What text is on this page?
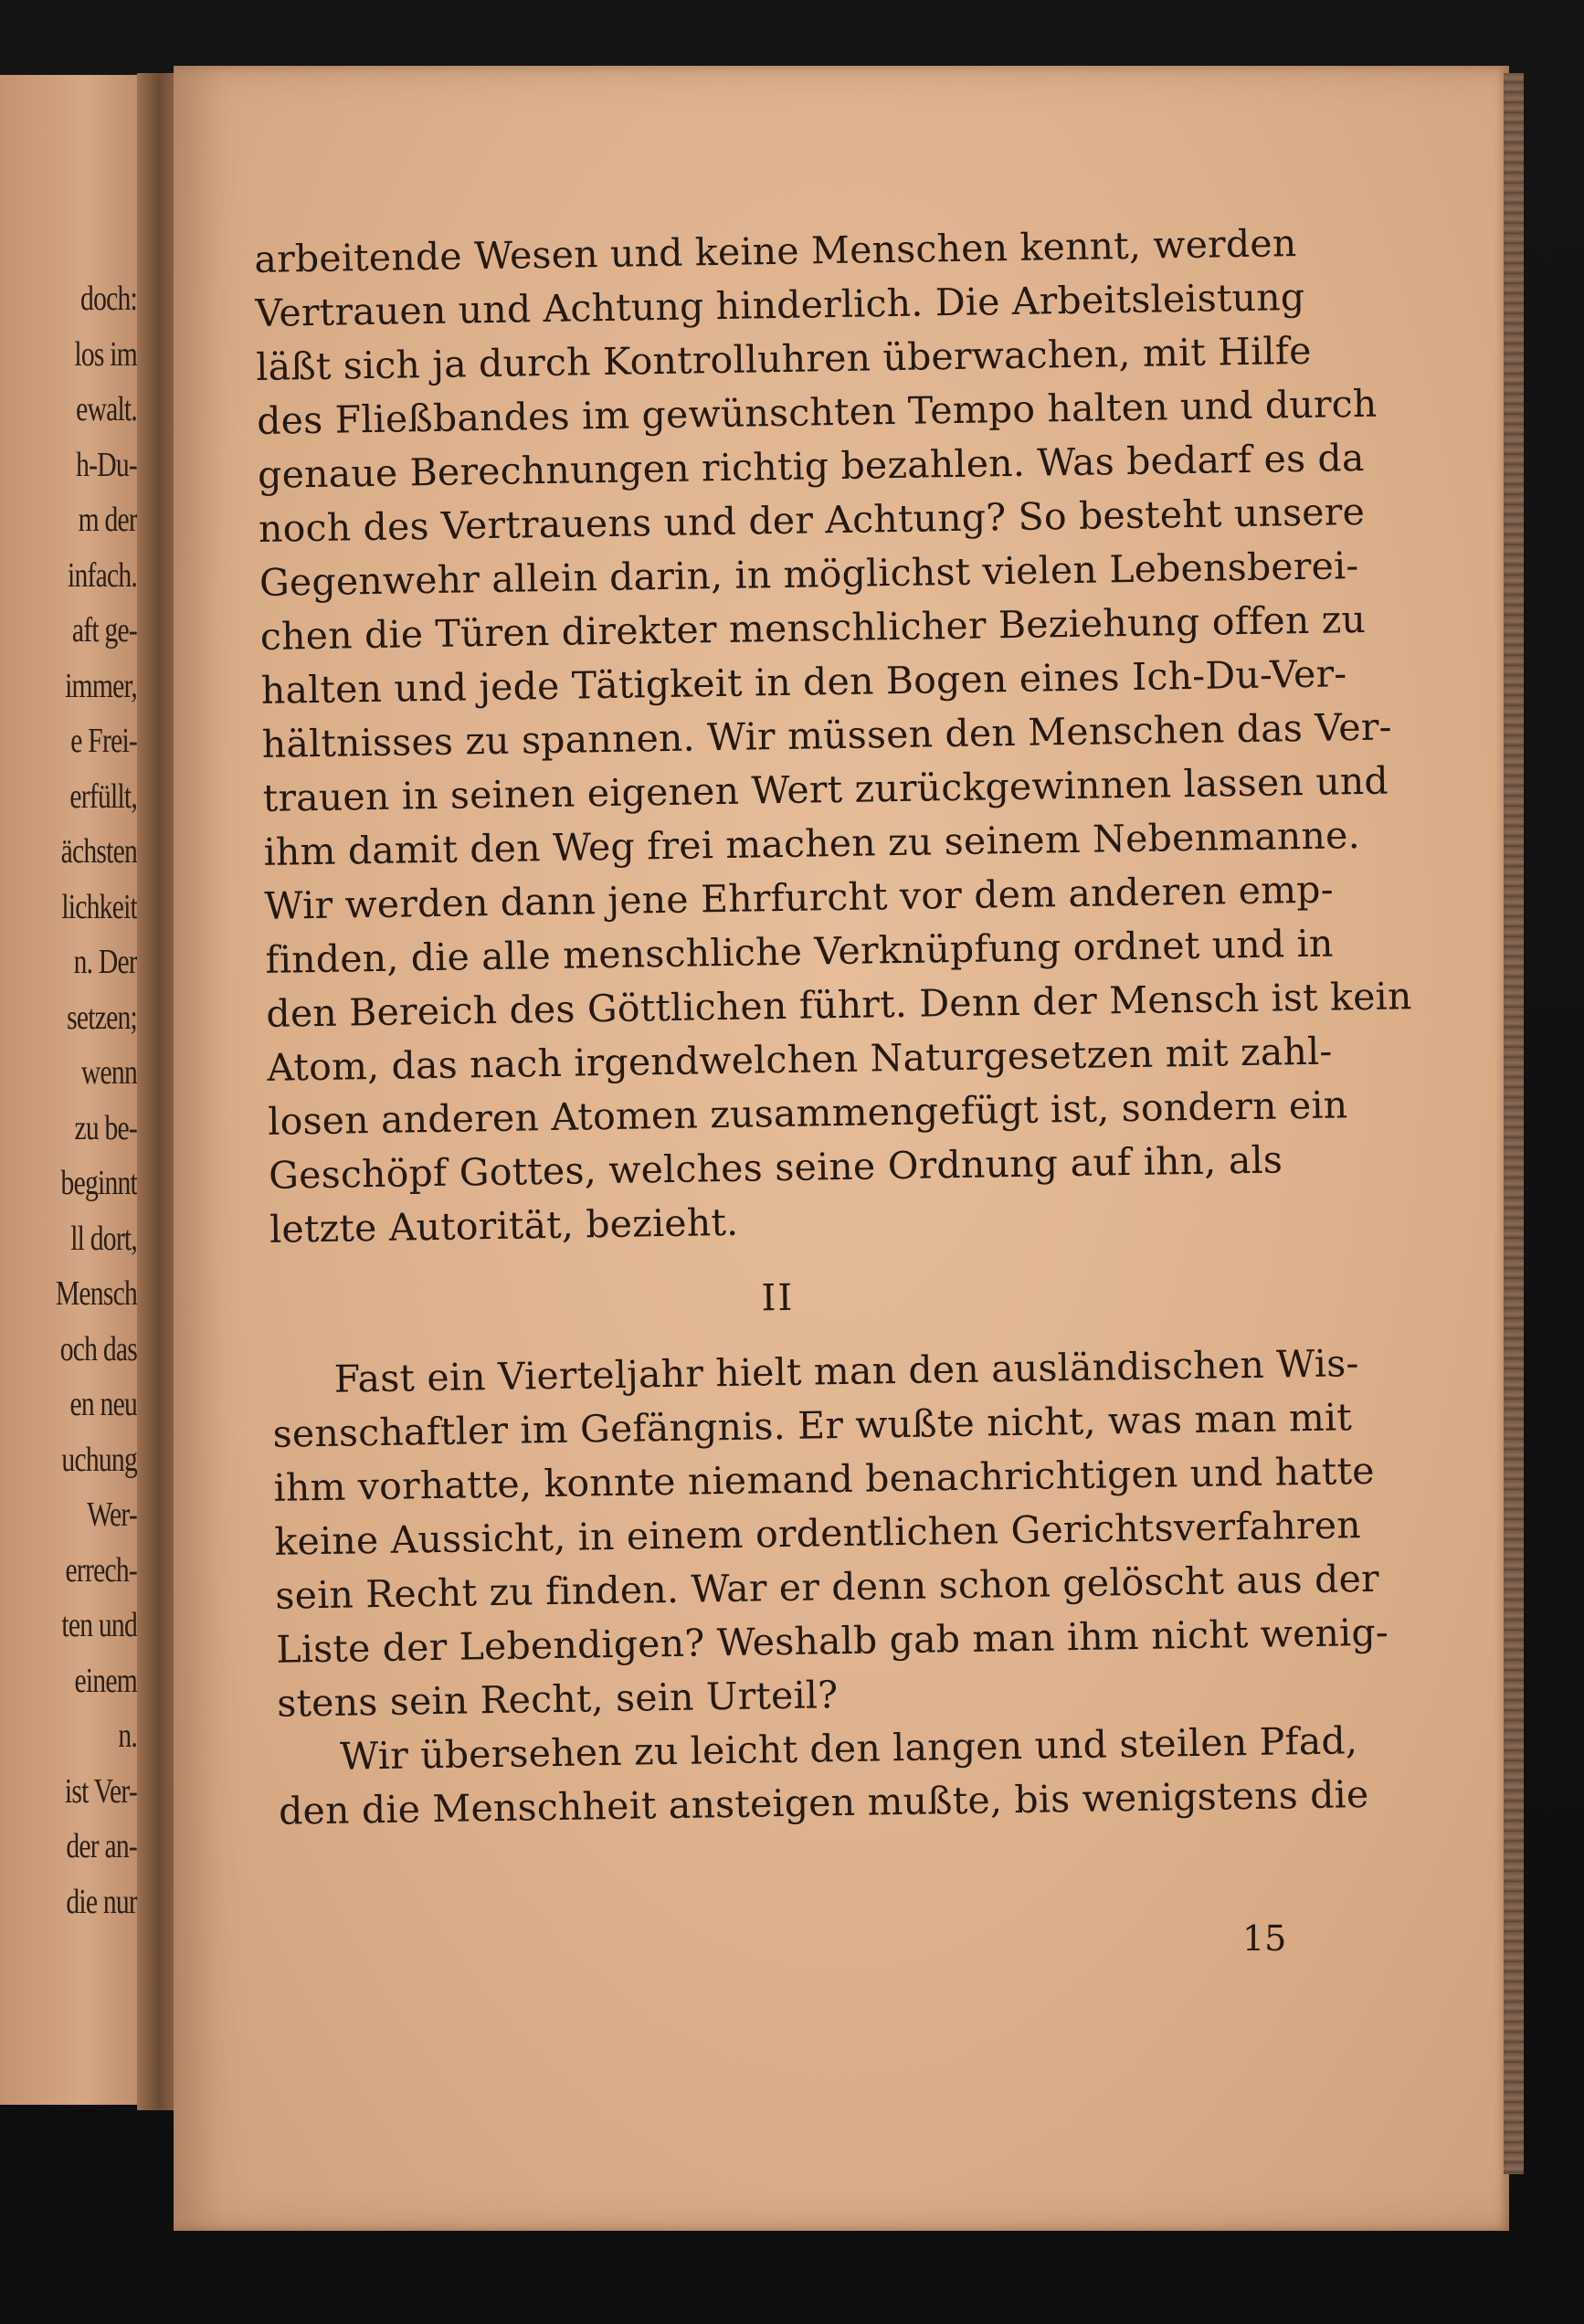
doch:
los im
ewalt.
h-Du-
m der
infach.
aft ge-
immer,
e Frei-
erfüllt,
ächsten
lichkeit
n. Der
setzen;
wenn
zu be-
beginnt
ll dort,
Mensch
och das
en neu
uchung
Wer-
errech-
ten und
einem
n.
ist Ver-
der an-
die nur

arbeitende Wesen und keine Menschen kennt, werden
Vertrauen und Achtung hinderlich. Die Arbeitsleistung
läßt sich ja durch Kontrolluhren überwachen, mit Hilfe
des Fließbandes im gewünschten Tempo halten und durch
genaue Berechnungen richtig bezahlen. Was bedarf es da
noch des Vertrauens und der Achtung? So besteht unsere
Gegenwehr allein darin, in möglichst vielen Lebensberei-
chen die Türen direkter menschlicher Beziehung offen zu
halten und jede Tätigkeit in den Bogen eines Ich-Du-Ver-
hältnisses zu spannen. Wir müssen den Menschen das Ver-
trauen in seinen eigenen Wert zurückgewinnen lassen und
ihm damit den Weg frei machen zu seinem Nebenmanne.
Wir werden dann jene Ehrfurcht vor dem anderen emp-
finden, die alle menschliche Verknüpfung ordnet und in
den Bereich des Göttlichen führt. Denn der Mensch ist kein
Atom, das nach irgendwelchen Naturgesetzen mit zahl-
losen anderen Atomen zusammengefügt ist, sondern ein
Geschöpf Gottes, welches seine Ordnung auf ihn, als
letzte Autorität, bezieht.

II

Fast ein Vierteljahr hielt man den ausländischen Wis-
senschaftler im Gefängnis. Er wußte nicht, was man mit
ihm vorhatte, konnte niemand benachrichtigen und hatte
keine Aussicht, in einem ordentlichen Gerichtsverfahren
sein Recht zu finden. War er denn schon gelöscht aus der
Liste der Lebendigen? Weshalb gab man ihm nicht wenig-
stens sein Recht, sein Urteil?

Wir übersehen zu leicht den langen und steilen Pfad,
den die Menschheit ansteigen mußte, bis wenigstens die

15
